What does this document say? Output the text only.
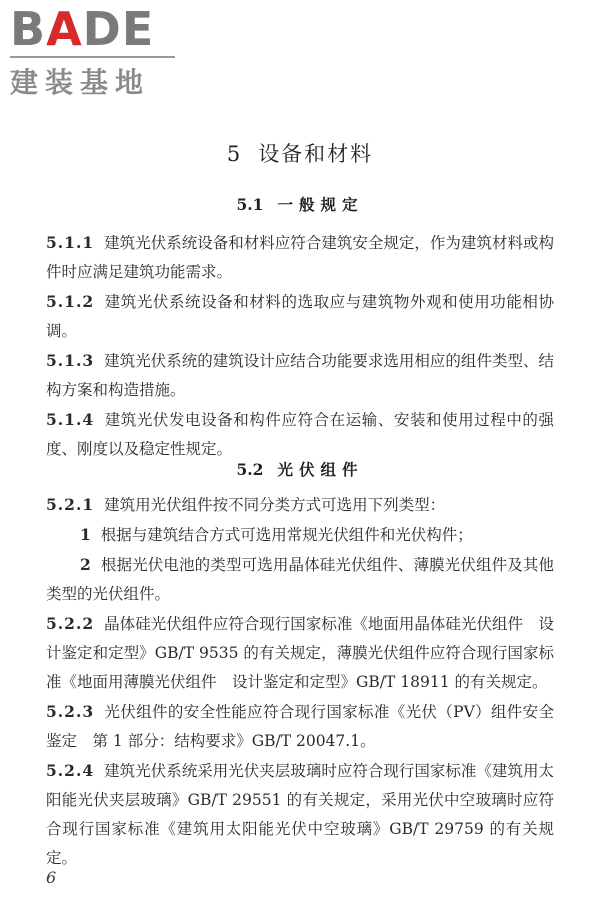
BADE
建装基地
5 设备和材料
5.1 一般规定

5.1.1 建筑光伏系统设备和材料应符合建筑安全规定，作为建筑材料或构件时应满足建筑功能需求。

5.1.2 建筑光伏系统设备和材料的选取应与建筑物外观和使用功能相协调。

5.1.3 建筑光伏系统的建筑设计应结合功能要求选用相应的组件类型、结构方案和构造措施。

5.1.4 建筑光伏发电设备和构件应符合在运输、安装和使用过程中的强度、刚度以及稳定性规定。

5.2 光伏组件

5.2.1 建筑用光伏组件按不同分类方式可选用下列类型：

1 根据与建筑结合方式可选用常规光伏组件和光伏构件；

2 根据光伏电池的类型可选用晶体硅光伏组件、薄膜光伏组件及其他类型的光伏组件。

5.2.2 晶体硅光伏组件应符合现行国家标准《地面用晶体硅光伏组件　设计鉴定和定型》GB/T 9535 的有关规定，薄膜光伏组件应符合现行国家标准《地面用薄膜光伏组件　设计鉴定和定型》GB/T 18911 的有关规定。

5.2.3 光伏组件的安全性能应符合现行国家标准《光伏（PV）组件安全鉴定　第 1 部分：结构要求》GB/T 20047.1。

5.2.4 建筑光伏系统采用光伏夹层玻璃时应符合现行国家标准《建筑用太阳能光伏夹层玻璃》GB/T 29551 的有关规定，采用光伏中空玻璃时应符合现行国家标准《建筑用太阳能光伏中空玻璃》GB/T 29759 的有关规定。

6
